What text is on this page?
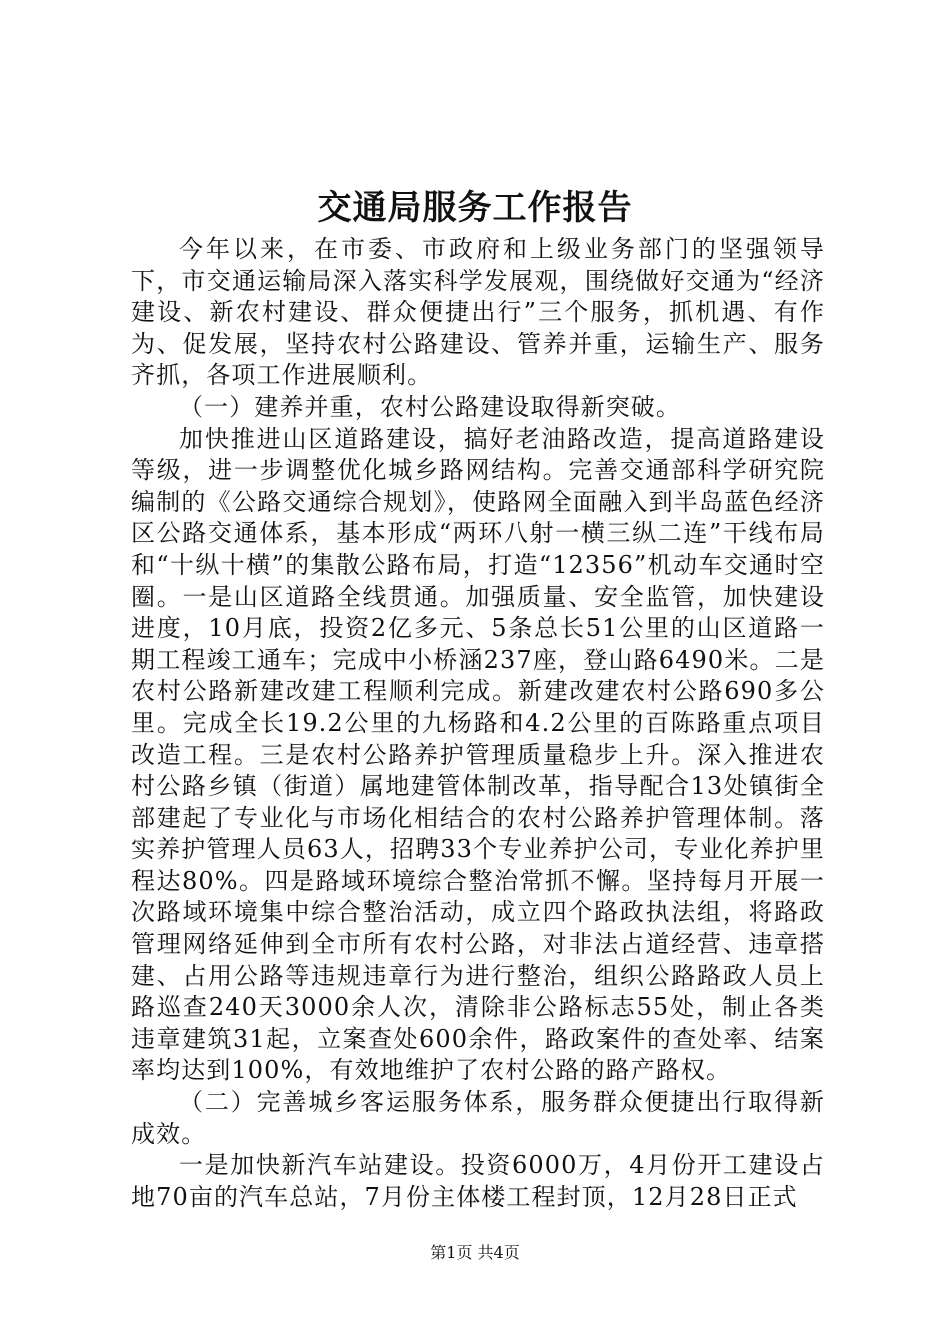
交通局服务工作报告

今年以来，在市委、市政府和上级业务部门的坚强领导下，市交通运输局深入落实科学发展观，围绕做好交通为“经济建设、新农村建设、群众便捷出行”三个服务，抓机遇、有作为、促发展，坚持农村公路建设、管养并重，运输生产、服务齐抓，各项工作进展顺利。

（一）建养并重，农村公路建设取得新突破。

加快推进山区道路建设，搞好老油路改造，提高道路建设等级，进一步调整优化城乡路网结构。完善交通部科学研究院编制的《公路交通综合规划》，使路网全面融入到半岛蓝色经济区公路交通体系，基本形成“两环八射一横三纵二连”干线布局和“十纵十横”的集散公路布局，打造“12356”机动车交通时空圈。一是山区道路全线贯通。加强质量、安全监管，加快建设进度，10月底，投资2亿多元、5条总长51公里的山区道路一期工程竣工通车；完成中小桥涵237座，登山路6490米。二是农村公路新建改建工程顺利完成。新建改建农村公路690多公里。完成全长19.2公里的九杨路和4.2公里的百陈路重点项目改造工程。三是农村公路养护管理质量稳步上升。深入推进农村公路乡镇（街道）属地建管体制改革，指导配合13处镇街全部建起了专业化与市场化相结合的农村公路养护管理体制。落实养护管理人员63人，招聘33个专业养护公司，专业化养护里程达80%。四是路域环境综合整治常抓不懈。坚持每月开展一次路域环境集中综合整治活动，成立四个路政执法组，将路政管理网络延伸到全市所有农村公路，对非法占道经营、违章搭建、占用公路等违规违章行为进行整治，组织公路路政人员上路巡查240天3000余人次，清除非公路标志55处，制止各类违章建筑31起，立案查处600余件，路政案件的查处率、结案率均达到100%，有效地维护了农村公路的路产路权。

（二）完善城乡客运服务体系，服务群众便捷出行取得新成效。

一是加快新汽车站建设。投资6000万，4月份开工建设占地70亩的汽车总站，7月份主体楼工程封顶，12月28日正式

第1页 共4页
